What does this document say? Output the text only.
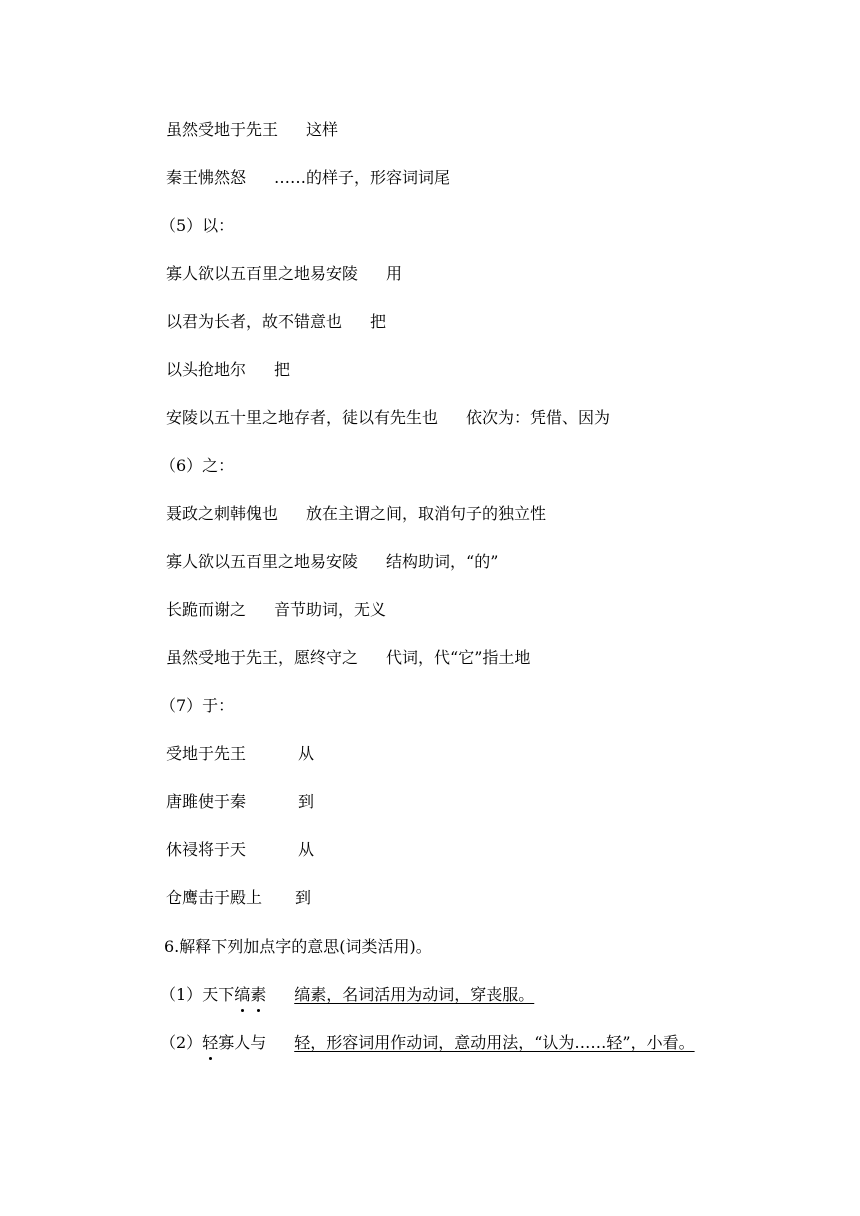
虽然受地于先王 这样
秦王怫然怒 ……的样子，形容词词尾
（5）以：
寡人欲以五百里之地易安陵 用
以君为长者，故不错意也 把
以头抢地尔 把
安陵以五十里之地存者，徒以有先生也 依次为：凭借、因为
（6）之：
聂政之刺韩傀也 放在主谓之间，取消句子的独立性
寡人欲以五百里之地易安陵 结构助词，“的”
长跪而谢之 音节助词，无义
虽然受地于先王，愿终守之 代词，代“它”指土地
（7）于：
受地于先王	从
唐雎使于秦	到
休祲将于天	从
仓鹰击于殿上 到
6.解释下列加点字的意思(词类活用)。
（1）天下缟素 缟素，名词活用为动词，穿丧服。
（2）轻寡人与 轻，形容词用作动词，意动用法，“认为……轻”，小看。
